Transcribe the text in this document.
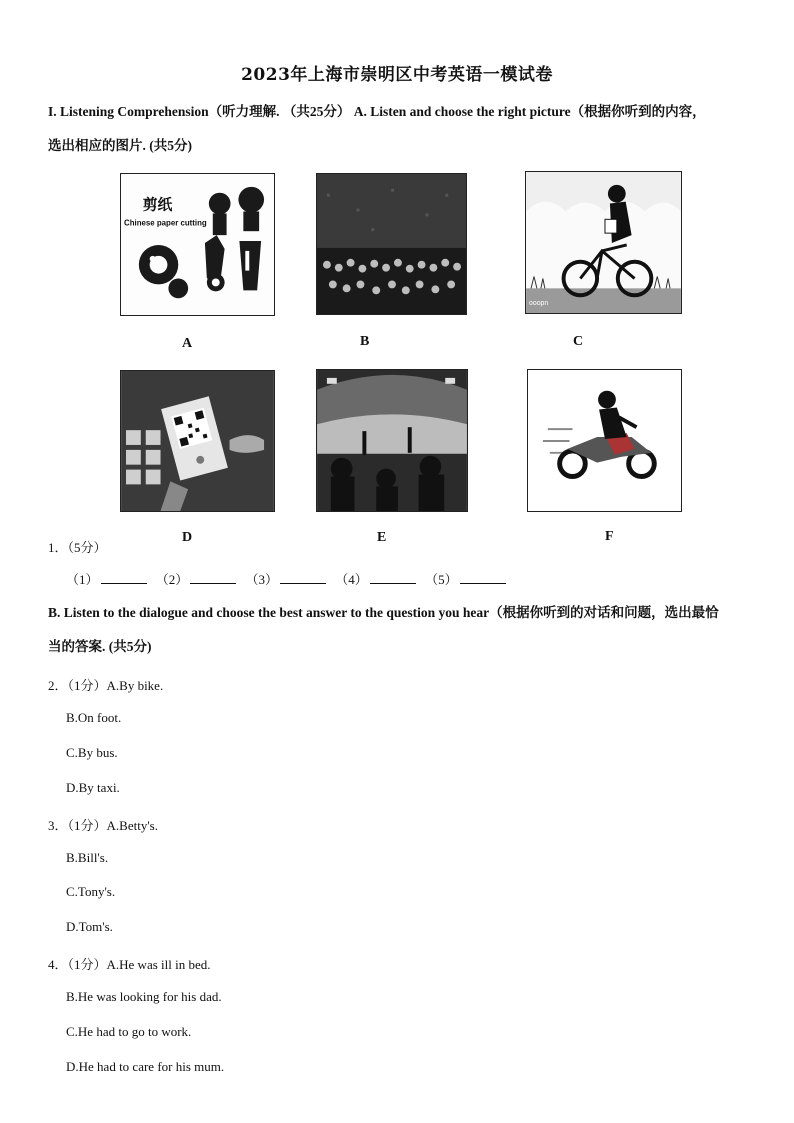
2023年上海市崇明区中考英语一模试卷
I. Listening Comprehension（听力理解. （共25分） A. Listen and choose the right picture（根据你听到的内容，
选出相应的图片. (共5分)
剪纸
Chinese paper cutting
A	B
ooopn
C
D	E	F
1．（5分）
（1）	（2）	（3）	（4）	（5）
B. Listen to the dialogue and choose the best answer to the question you hear（根据你听到的对话和问题，选出最恰
当的答案. (共5分)
2．（1分）A.By bike.
B.On foot.
C.By bus.
D.By taxi.
3．（1分）A.Betty's.
B.Bill's.
C.Tony's.
D.Tom's.
4．（1分）A.He was ill in bed.
B.He was looking for his dad.
C.He had to go to work.
D.He had to care for his mum.
